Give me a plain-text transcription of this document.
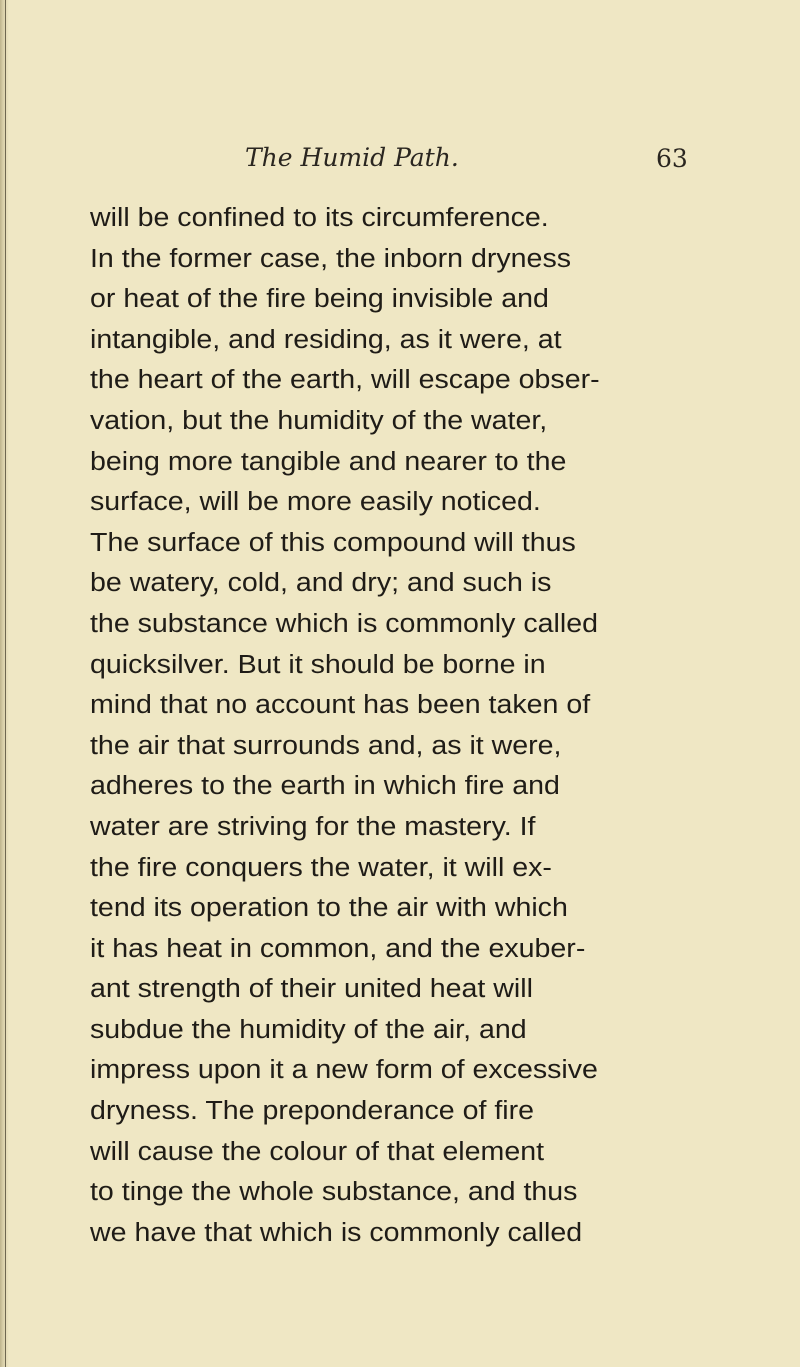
The Humid Path.	63
will be confined to its circumference.
In the former case, the inborn dryness
or heat of the fire being invisible and
intangible, and residing, as it were, at
the heart of the earth, will escape obser-
vation, but the humidity of the water,
being more tangible and nearer to the
surface, will be more easily noticed.
The surface of this compound will thus
be watery, cold, and dry; and such is
the substance which is commonly called
quicksilver. But it should be borne in
mind that no account has been taken of
the air that surrounds and, as it were,
adheres to the earth in which fire and
water are striving for the mastery. If
the fire conquers the water, it will ex-
tend its operation to the air with which
it has heat in common, and the exuber-
ant strength of their united heat will
subdue the humidity of the air, and
impress upon it a new form of excessive
dryness. The preponderance of fire
will cause the colour of that element
to tinge the whole substance, and thus
we have that which is commonly called
